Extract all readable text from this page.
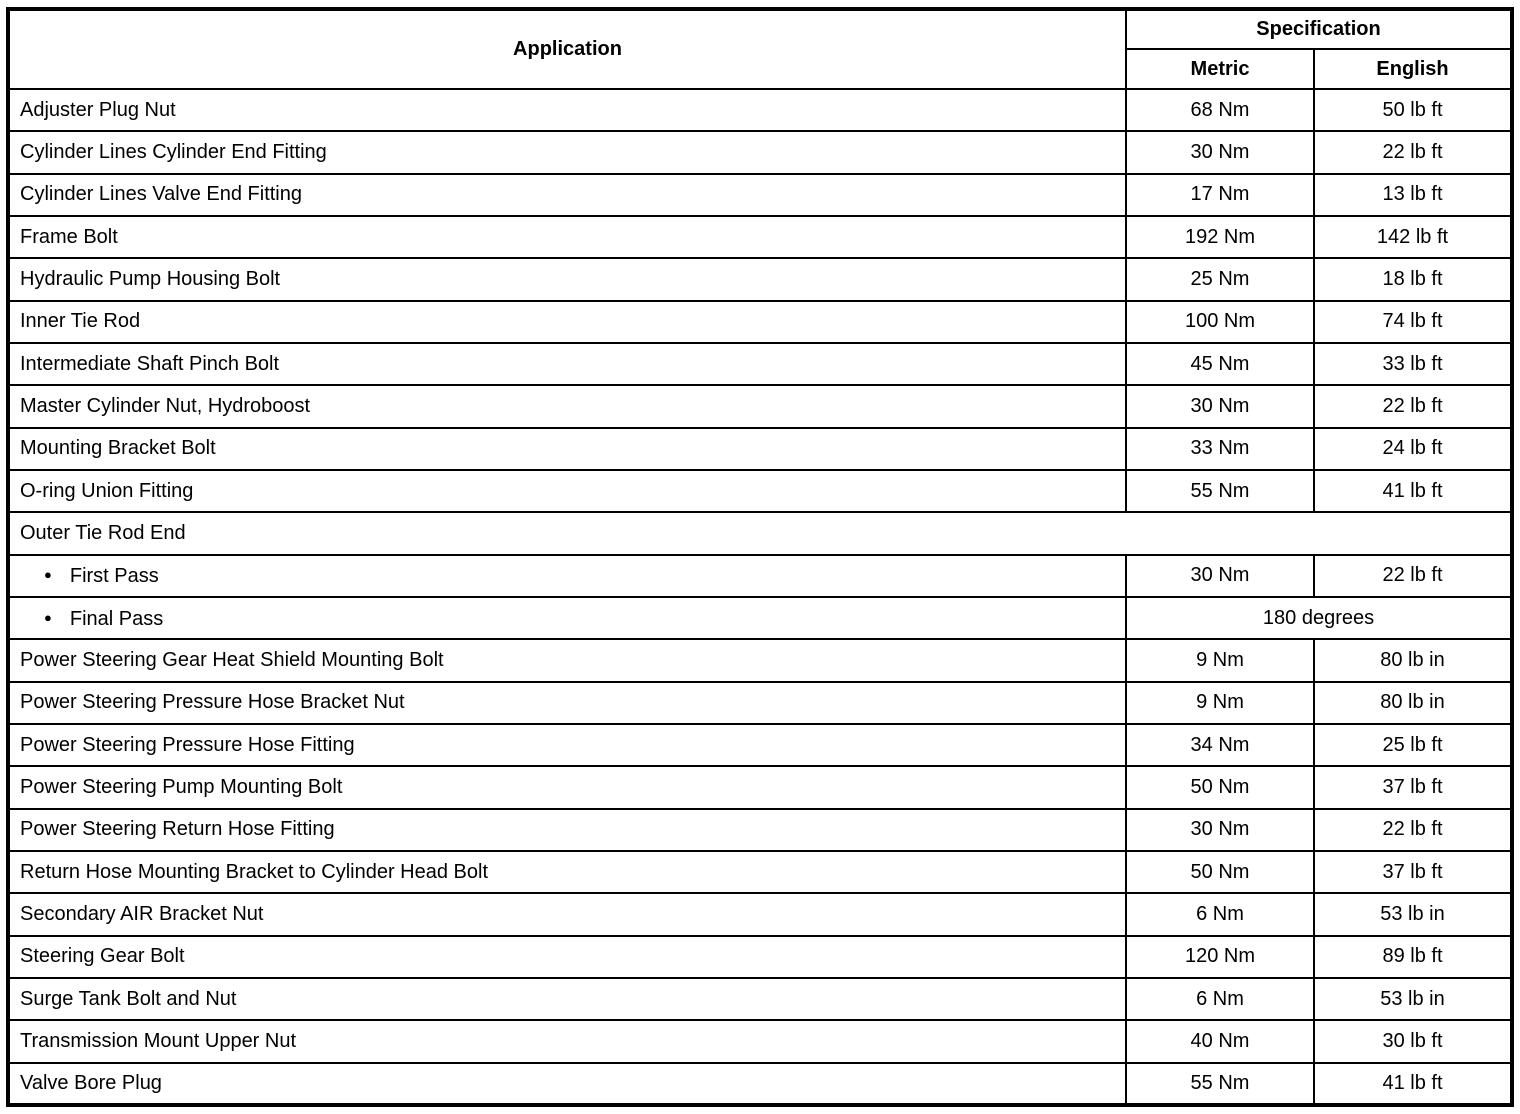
Application	Specification	
	Metric	English
Adjuster Plug Nut	68 Nm	50 lb ft
Cylinder Lines Cylinder End Fitting	30 Nm	22 lb ft
Cylinder Lines Valve End Fitting	17 Nm	13 lb ft
Frame Bolt	192 Nm	142 lb ft
Hydraulic Pump Housing Bolt	25 Nm	18 lb ft
Inner Tie Rod	100 Nm	74 lb ft
Intermediate Shaft Pinch Bolt	45 Nm	33 lb ft
Master Cylinder Nut, Hydroboost	30 Nm	22 lb ft
Mounting Bracket Bolt	33 Nm	24 lb ft
O-ring Union Fitting	55 Nm	41 lb ft
Outer Tie Rod End		

● First Pass	30 Nm	22 lb ft

● Final Pass	180 degrees	
Power Steering Gear Heat Shield Mounting Bolt	9 Nm	80 lb in
Power Steering Pressure Hose Bracket Nut	9 Nm	80 lb in
Power Steering Pressure Hose Fitting	34 Nm	25 lb ft
Power Steering Pump Mounting Bolt	50 Nm	37 lb ft
Power Steering Return Hose Fitting	30 Nm	22 lb ft
Return Hose Mounting Bracket to Cylinder Head Bolt	50 Nm	37 lb ft
Secondary AIR Bracket Nut	6 Nm	53 lb in
Steering Gear Bolt	120 Nm	89 lb ft
Surge Tank Bolt and Nut	6 Nm	53 lb in
Transmission Mount Upper Nut	40 Nm	30 lb ft
Valve Bore Plug	55 Nm	41 lb ft
